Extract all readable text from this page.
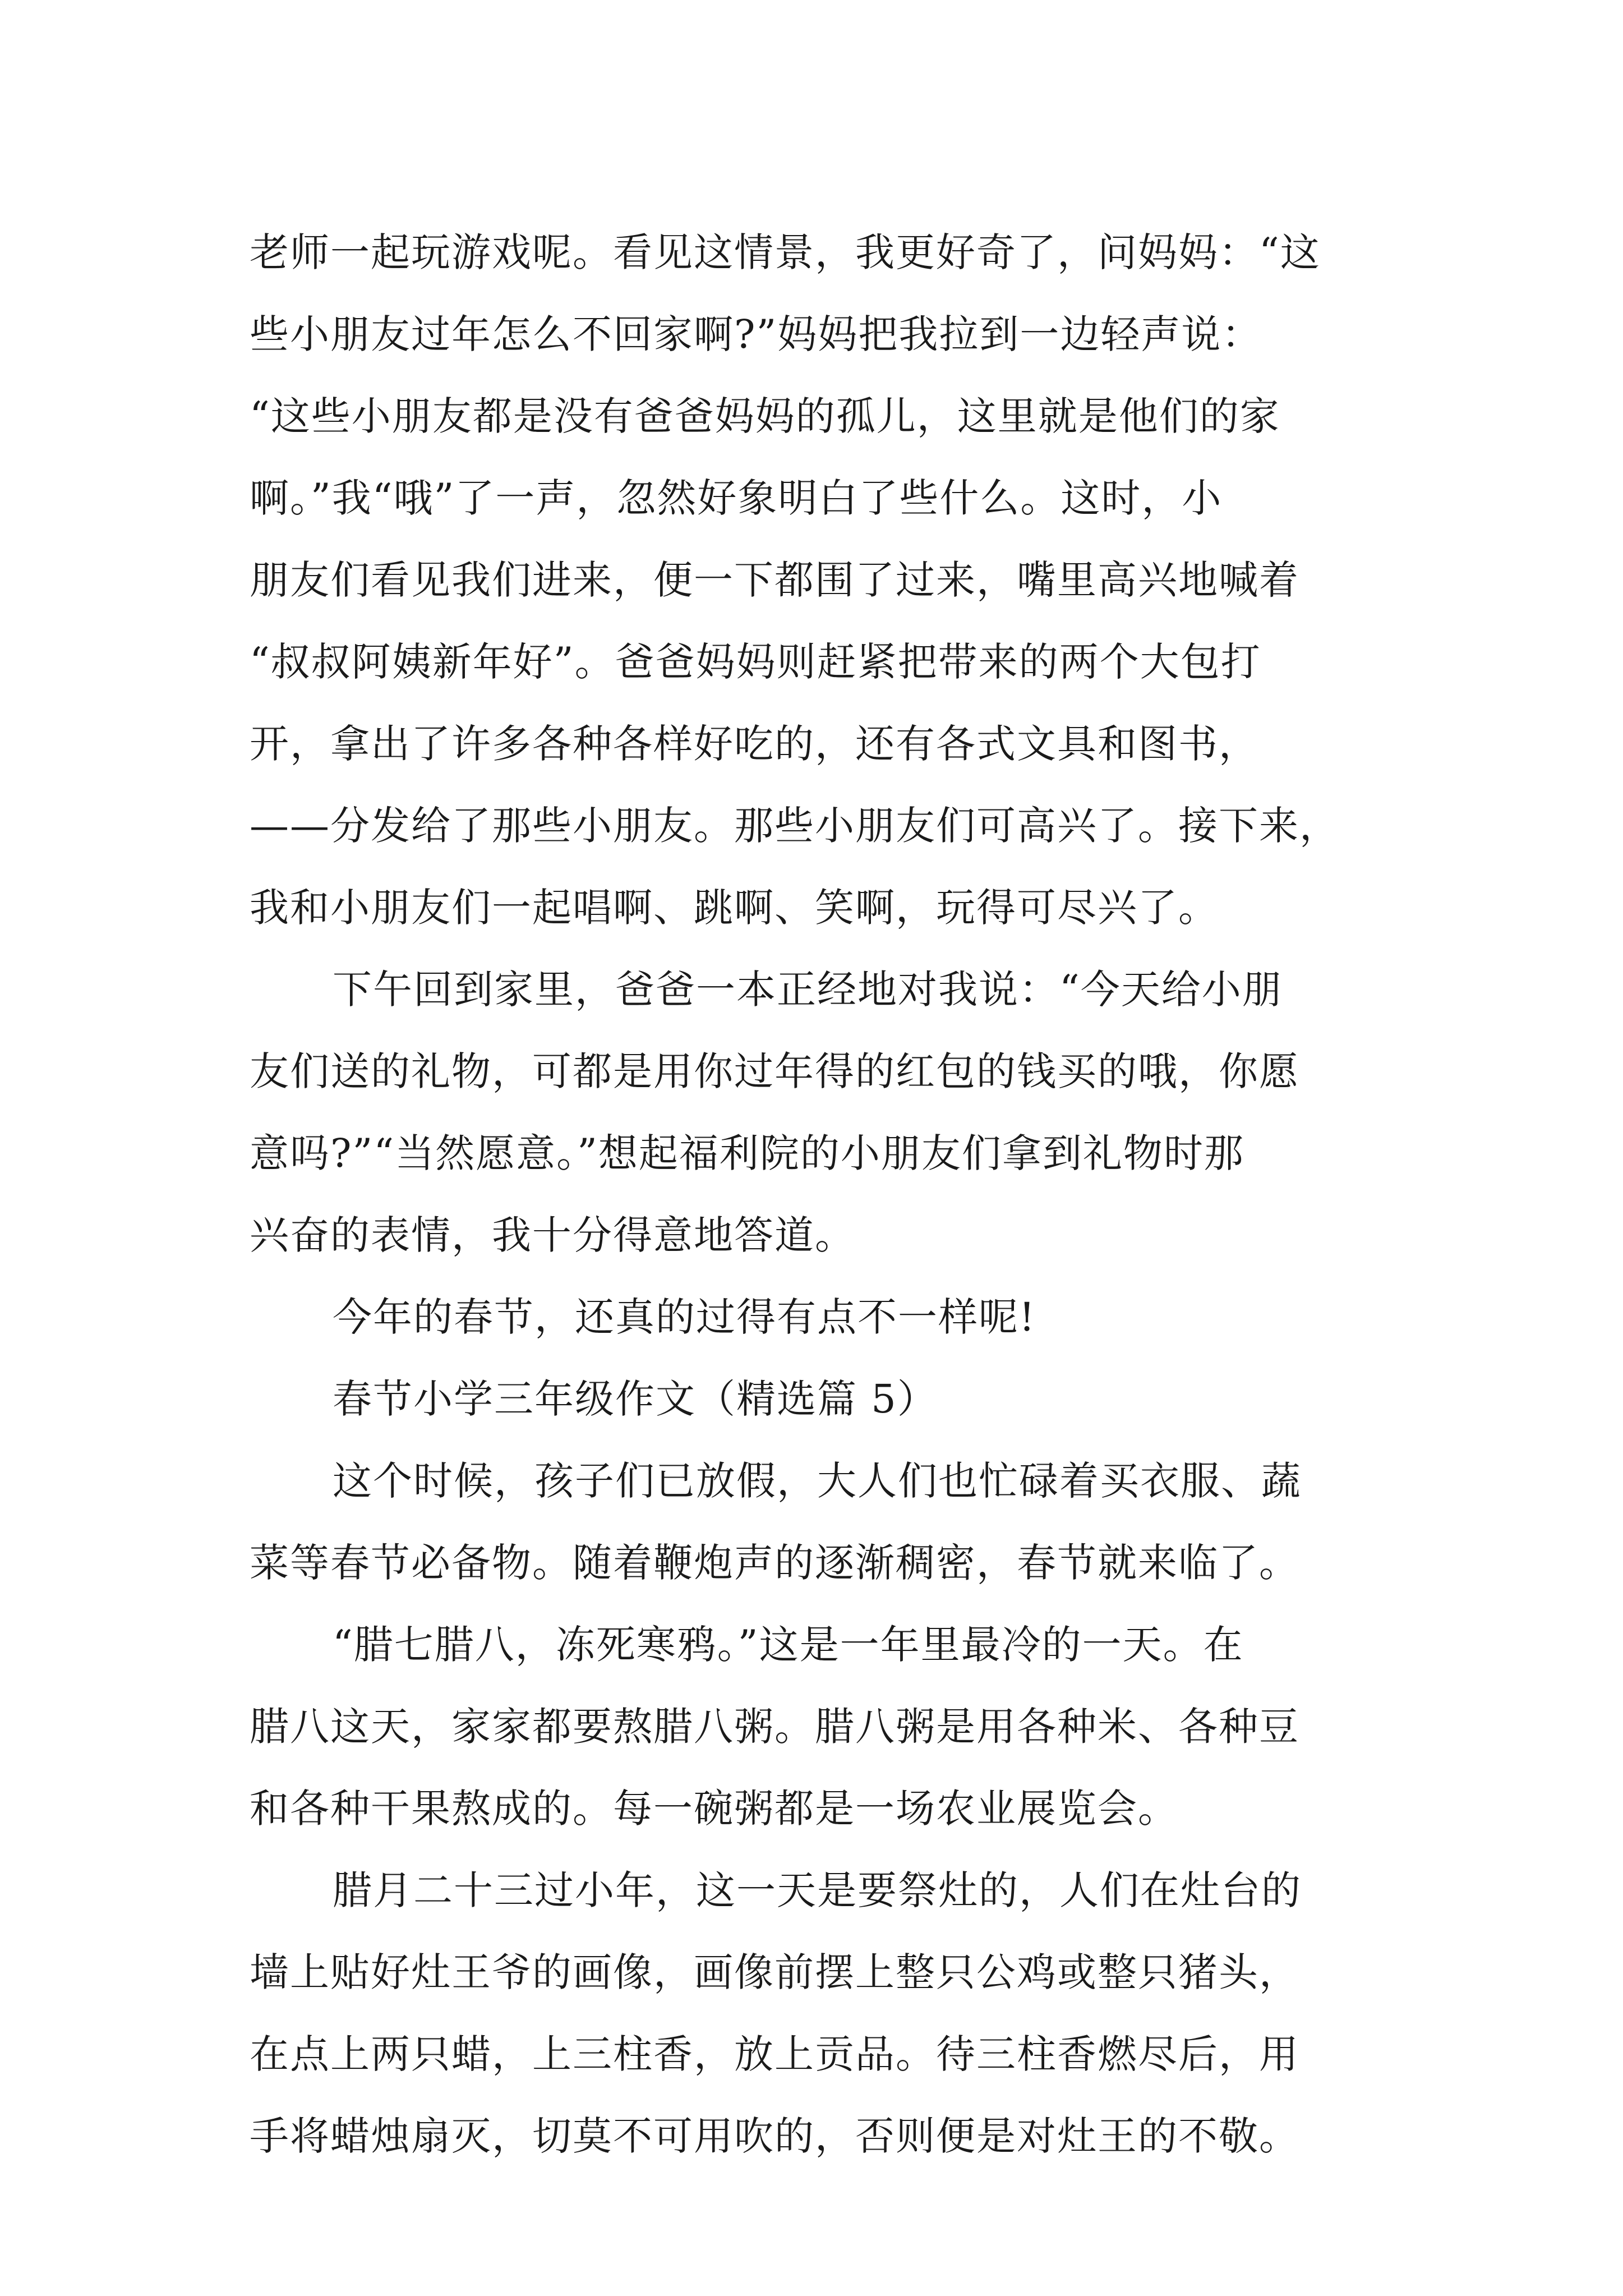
老师一起玩游戏呢。看见这情景，我更好奇了，问妈妈：“这
些小朋友过年怎么不回家啊?”妈妈把我拉到一边轻声说：
“这些小朋友都是没有爸爸妈妈的孤儿，这里就是他们的家
啊。”我“哦”了一声，忽然好象明白了些什么。这时，小
朋友们看见我们进来，便一下都围了过来，嘴里高兴地喊着
“叔叔阿姨新年好”。爸爸妈妈则赶紧把带来的两个大包打
开，拿出了许多各种各样好吃的，还有各式文具和图书，
——分发给了那些小朋友。那些小朋友们可高兴了。接下来，
我和小朋友们一起唱啊、跳啊、笑啊，玩得可尽兴了。
下午回到家里，爸爸一本正经地对我说：“今天给小朋
友们送的礼物，可都是用你过年得的红包的钱买的哦，你愿
意吗?”“当然愿意。”想起福利院的小朋友们拿到礼物时那
兴奋的表情，我十分得意地答道。
今年的春节，还真的过得有点不一样呢!
春节小学三年级作文（精选篇 5）
这个时候，孩子们已放假，大人们也忙碌着买衣服、蔬
菜等春节必备物。随着鞭炮声的逐渐稠密，春节就来临了。
“腊七腊八，冻死寒鸦。”这是一年里最冷的一天。在
腊八这天，家家都要熬腊八粥。腊八粥是用各种米、各种豆
和各种干果熬成的。每一碗粥都是一场农业展览会。
腊月二十三过小年，这一天是要祭灶的，人们在灶台的
墙上贴好灶王爷的画像，画像前摆上整只公鸡或整只猪头，
在点上两只蜡，上三柱香，放上贡品。待三柱香燃尽后，用
手将蜡烛扇灭，切莫不可用吹的，否则便是对灶王的不敬。
